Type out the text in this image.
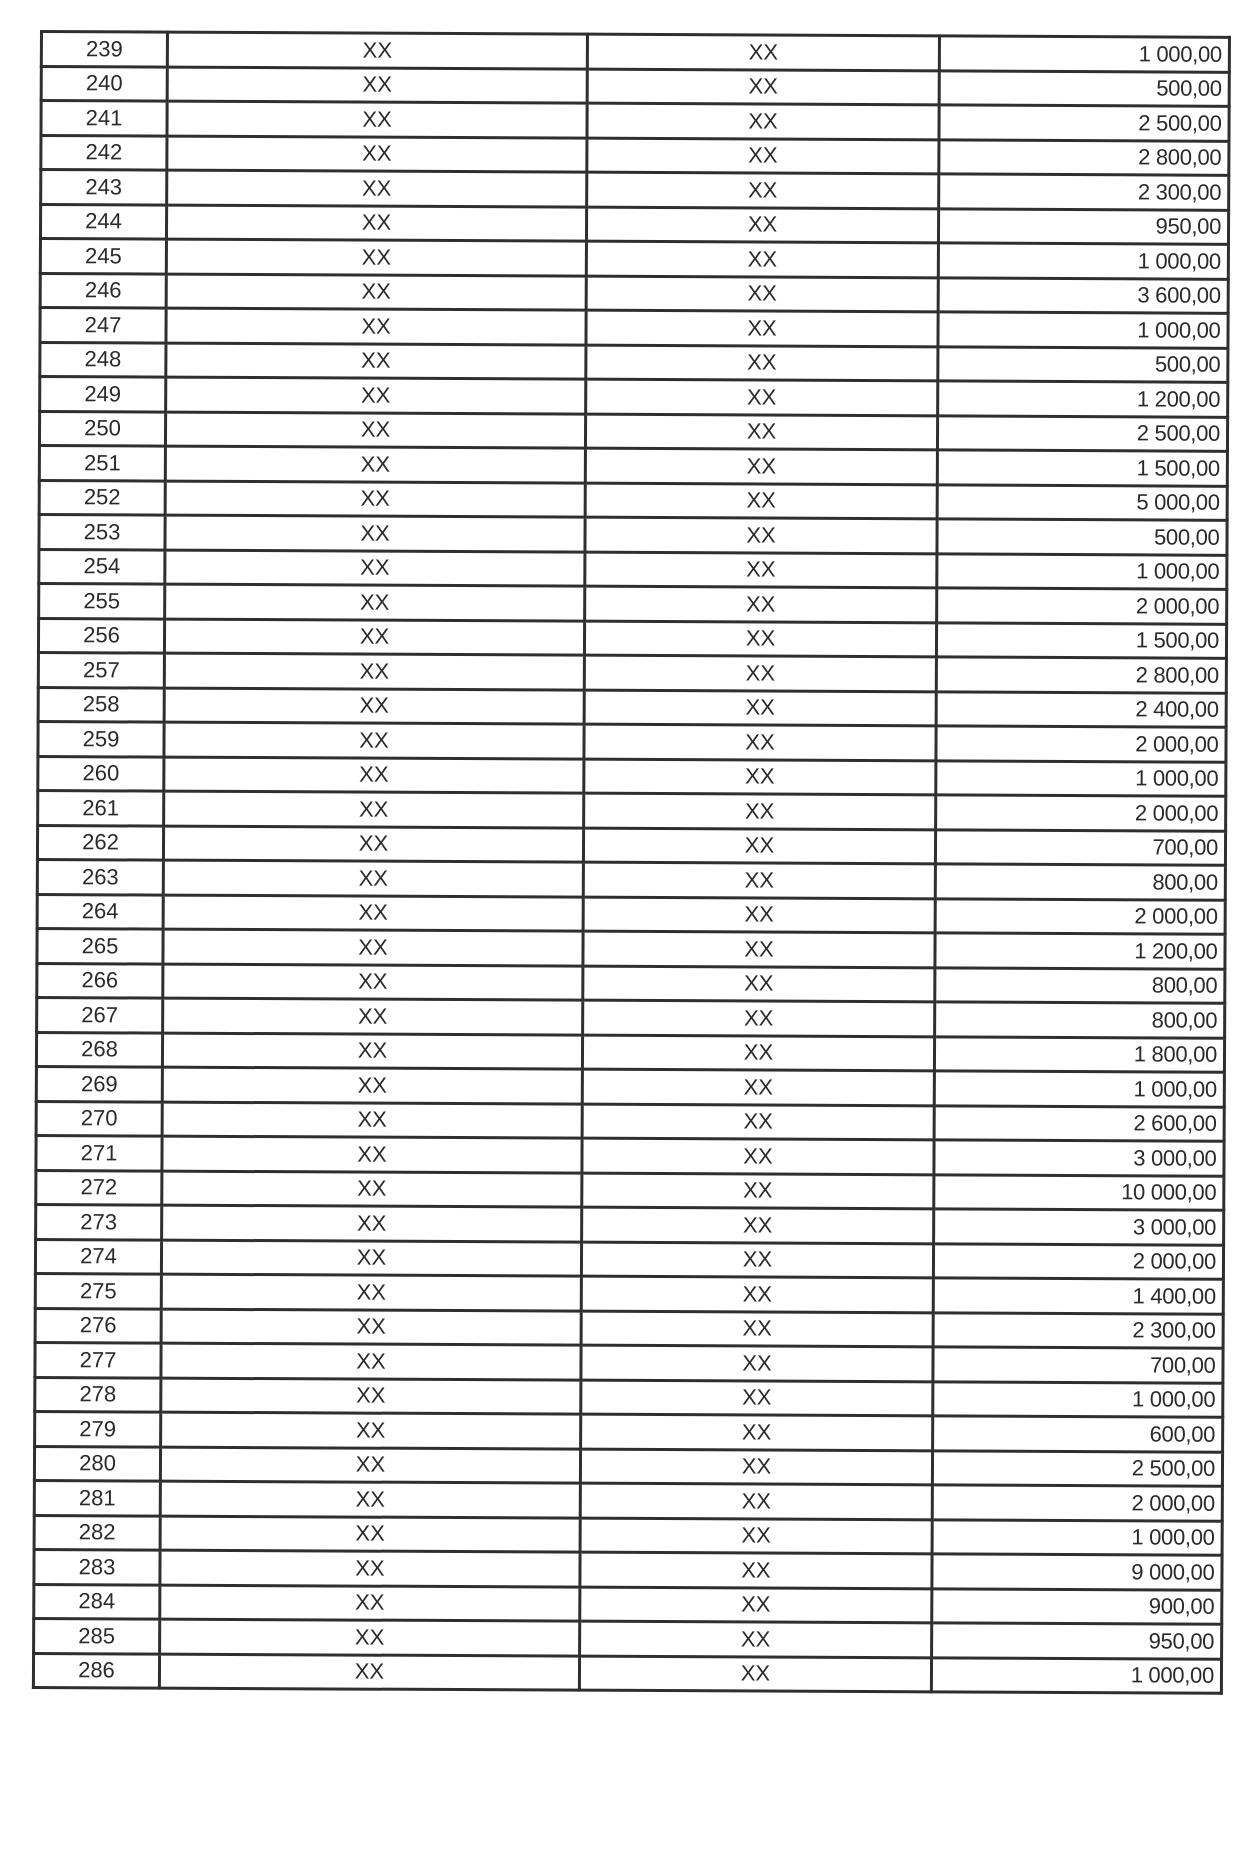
239	XX	XX	1 000,00
240	XX	XX	500,00
241	XX	XX	2 500,00
242	XX	XX	2 800,00
243	XX	XX	2 300,00
244	XX	XX	950,00
245	XX	XX	1 000,00
246	XX	XX	3 600,00
247	XX	XX	1 000,00
248	XX	XX	500,00
249	XX	XX	1 200,00
250	XX	XX	2 500,00
251	XX	XX	1 500,00
252	XX	XX	5 000,00
253	XX	XX	500,00
254	XX	XX	1 000,00
255	XX	XX	2 000,00
256	XX	XX	1 500,00
257	XX	XX	2 800,00
258	XX	XX	2 400,00
259	XX	XX	2 000,00
260	XX	XX	1 000,00
261	XX	XX	2 000,00
262	XX	XX	700,00
263	XX	XX	800,00
264	XX	XX	2 000,00
265	XX	XX	1 200,00
266	XX	XX	800,00
267	XX	XX	800,00
268	XX	XX	1 800,00
269	XX	XX	1 000,00
270	XX	XX	2 600,00
271	XX	XX	3 000,00
272	XX	XX	10 000,00
273	XX	XX	3 000,00
274	XX	XX	2 000,00
275	XX	XX	1 400,00
276	XX	XX	2 300,00
277	XX	XX	700,00
278	XX	XX	1 000,00
279	XX	XX	600,00
280	XX	XX	2 500,00
281	XX	XX	2 000,00
282	XX	XX	1 000,00
283	XX	XX	9 000,00
284	XX	XX	900,00
285	XX	XX	950,00
286	XX	XX	1 000,00
